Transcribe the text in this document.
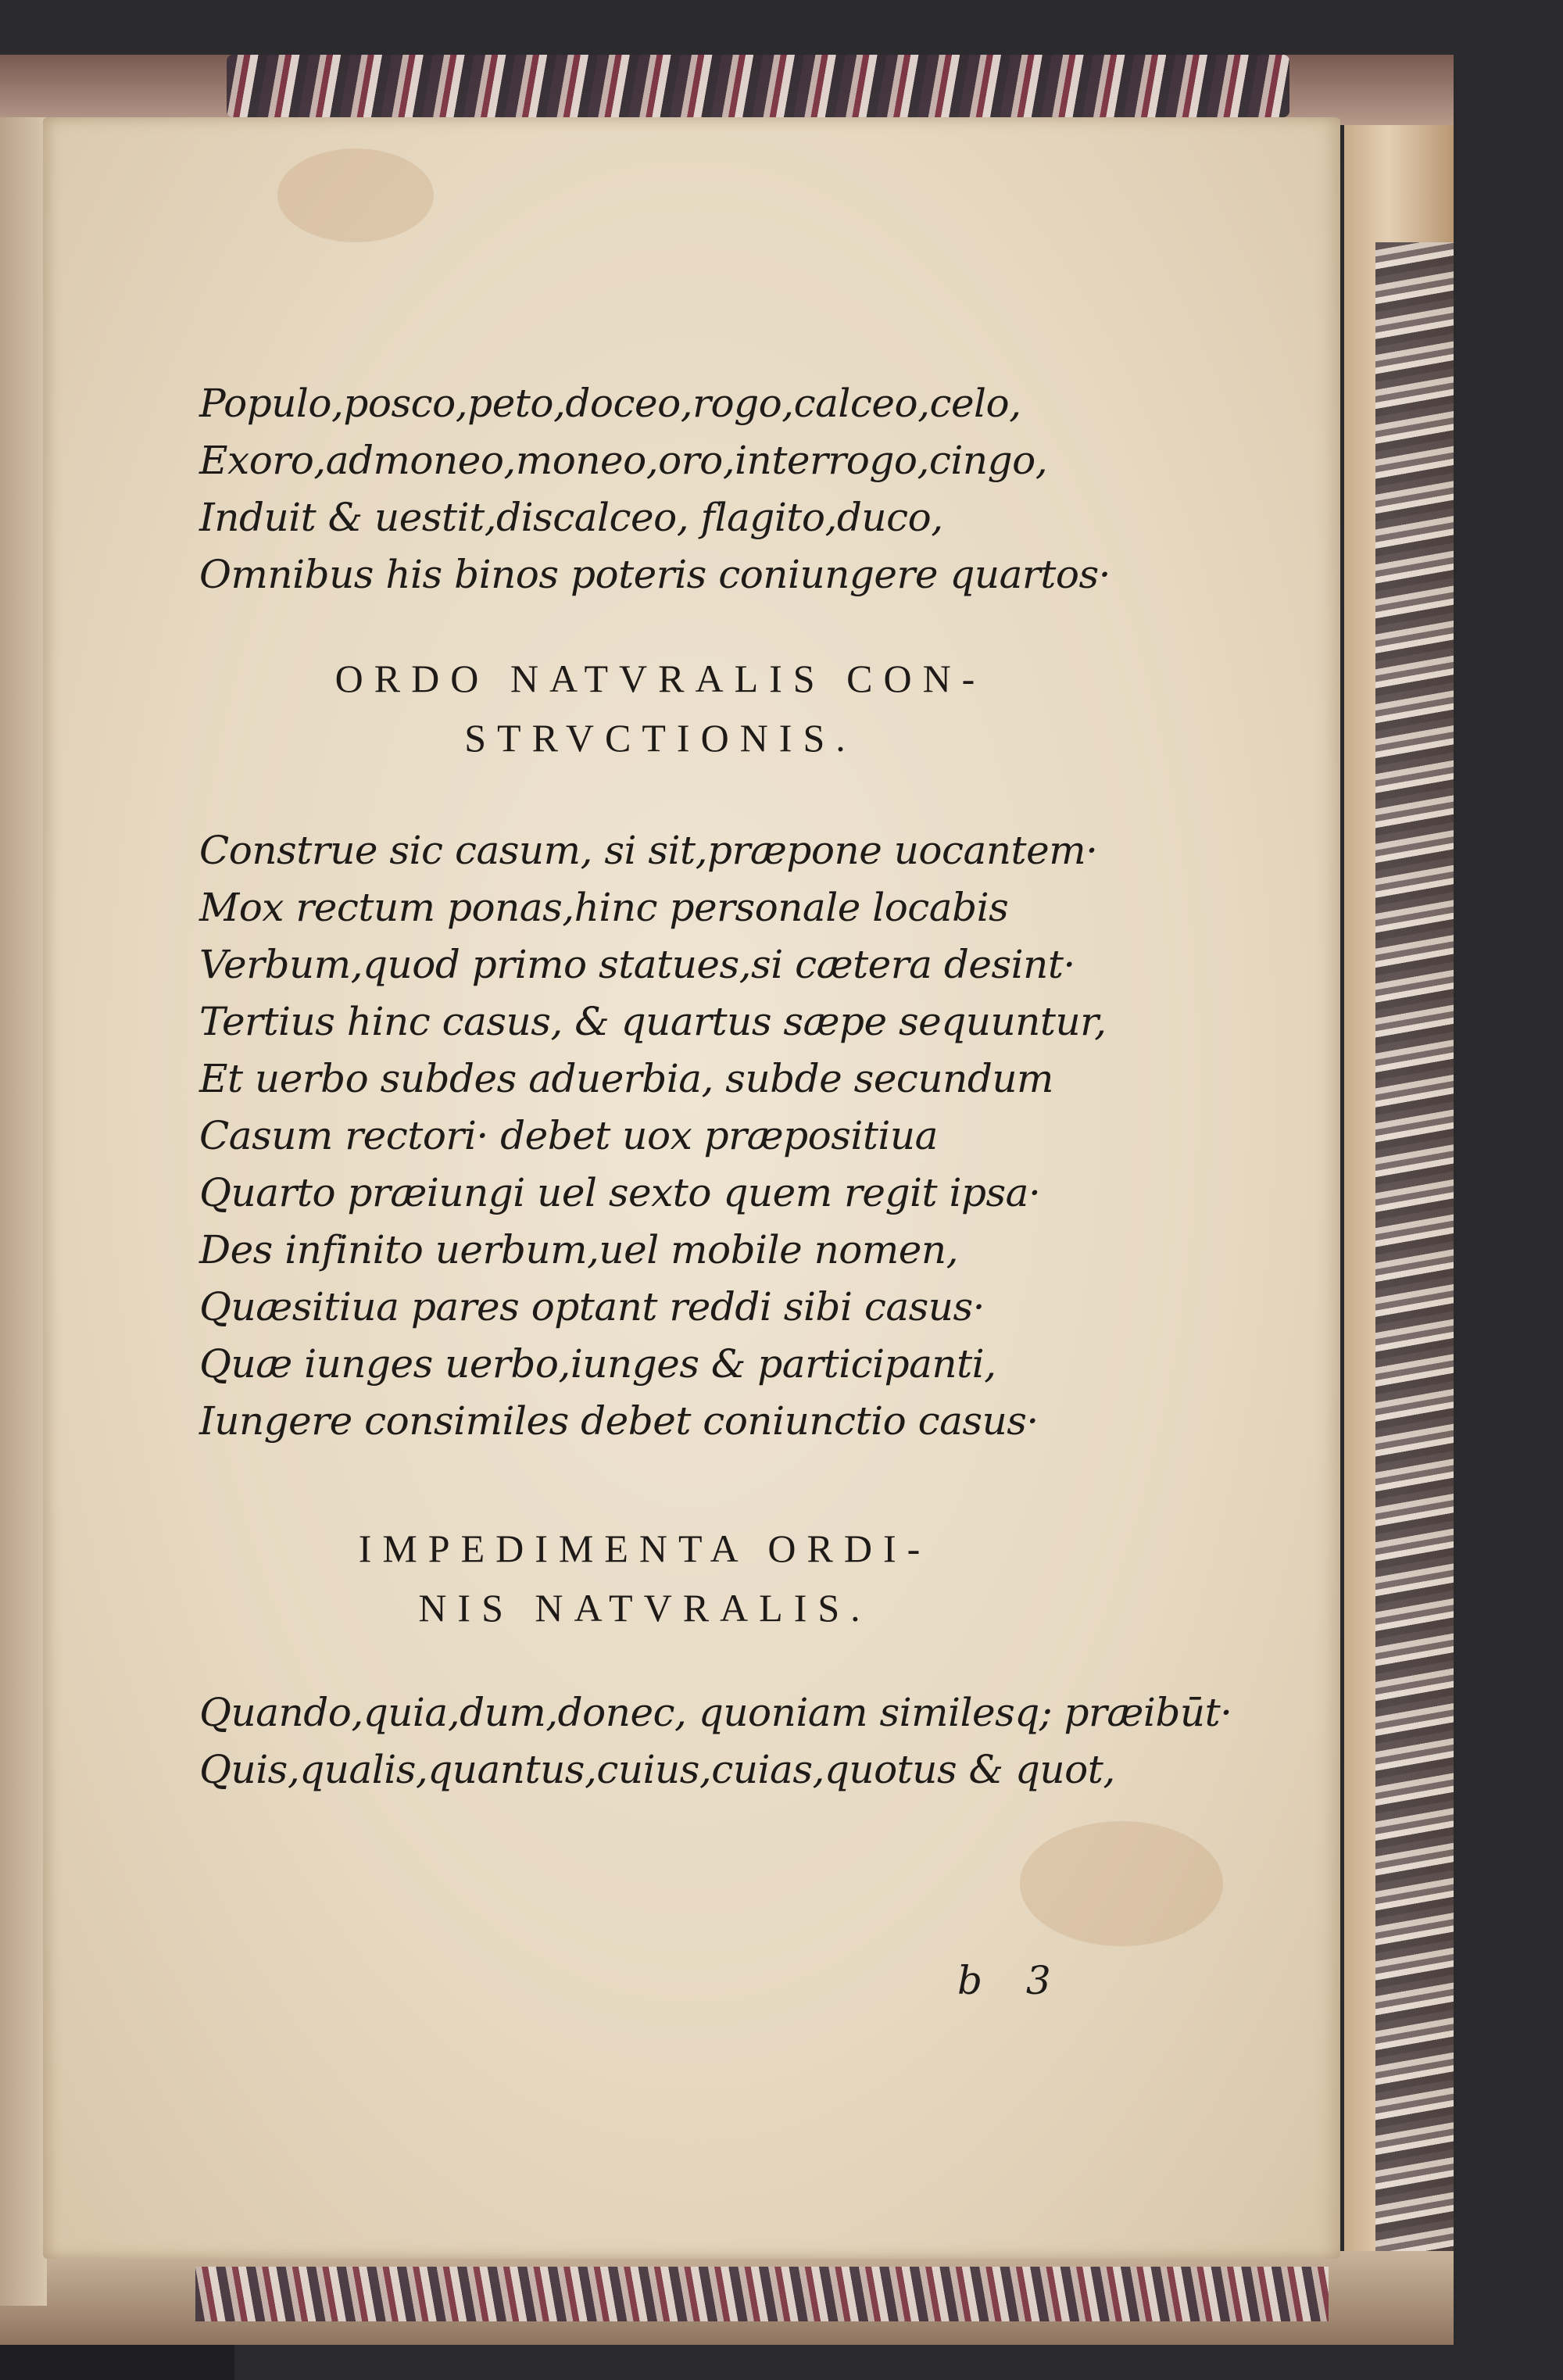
Populo,posco,peto,doceo,rogo,calceo,celo,

Exoro,admoneo,moneo,oro,interrogo,cingo,

Induit & uestit,discalceo, flagito,duco,

Omnibus his binos poteris coniungere quartos·

ORDO NATVRALIS CON-

STRVCTIONIS.

Construe sic casum, si sit,præpone uocantem·

Mox rectum ponas,hinc personale locabis

Verbum,quod primo statues,si cætera desint·

Tertius hinc casus, & quartus sæpe sequuntur,

Et uerbo subdes aduerbia, subde secundum

Casum rectori· debet uox præpositiua

Quarto præiungi uel sexto quem regit ipsa·

Des infinito uerbum,uel mobile nomen,

Quæsitiua pares optant reddi sibi casus·

Quæ iunges uerbo,iunges & participanti,

Iungere consimiles debet coniunctio casus·

IMPEDIMENTA ORDI-

NIS NATVRALIS.

Quando,quia,dum,donec, quoniam similesq; præibūt·

Quis,qualis,quantus,cuius,cuias,quotus & quot,

b 3
